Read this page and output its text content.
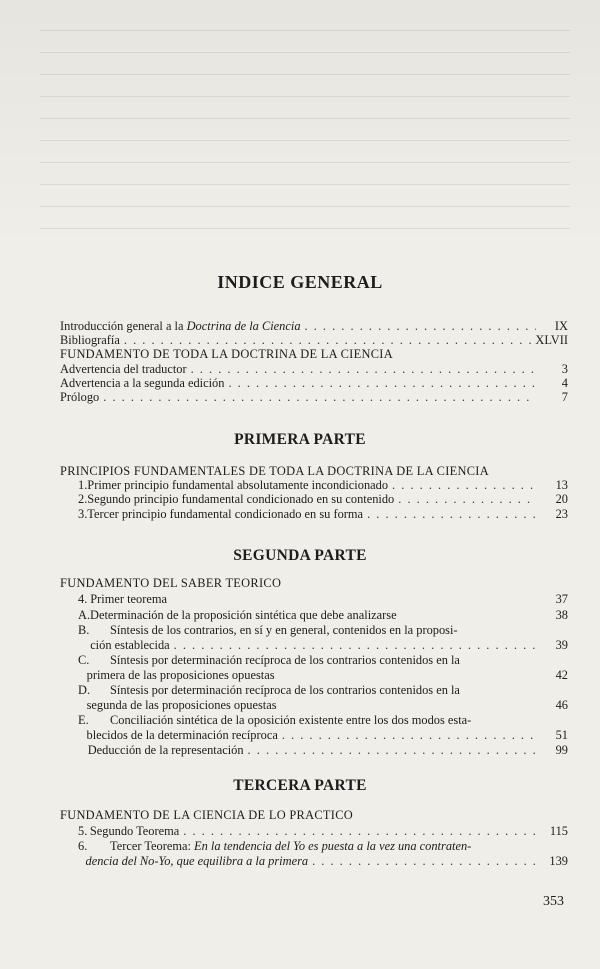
INDICE GENERAL
Introducción general a la Doctrina de la Ciencia . . .	IX
Bibliografía . . .	XLVII
FUNDAMENTO DE TODA LA DOCTRINA DE LA CIENCIA
Advertencia del traductor . . .	3
Advertencia a la segunda edición . . .	4
Prólogo . . .	7
PRIMERA PARTE
PRINCIPIOS FUNDAMENTALES DE TODA LA DOCTRINA DE LA CIENCIA
1. Primer principio fundamental absolutamente incondicionado . . .	13
2. Segundo principio fundamental condicionado en su contenido . . .	20
3. Tercer principio fundamental condicionado en su forma . . .	23
SEGUNDA PARTE
FUNDAMENTO DEL SABER TEORICO
4. Primer teorema	37
A. Determinación de la proposición sintética que debe analizarse	38
B.	Síntesis de los contrarios, en sí y en general, contenidos en la proposi-
ción establecida . . .	39
C.	Síntesis por determinación recíproca de los contrarios contenidos en la
primera de las proposiciones opuestas	42
D.	Síntesis por determinación recíproca de los contrarios contenidos en la
segunda de las proposiciones opuestas	46
E.	Conciliación sintética de la oposición existente entre los dos modos esta-
blecidos de la determinación recíproca . . .	51
Deducción de la representación . . .	99
TERCERA PARTE
FUNDAMENTO DE LA CIENCIA DE LO PRACTICO
5. Segundo Teorema . . .	115
6.	Tercer Teorema: En la tendencia del Yo es puesta a la vez una contraten-
dencia del No-Yo, que equilibra a la primera . . .	139
353
